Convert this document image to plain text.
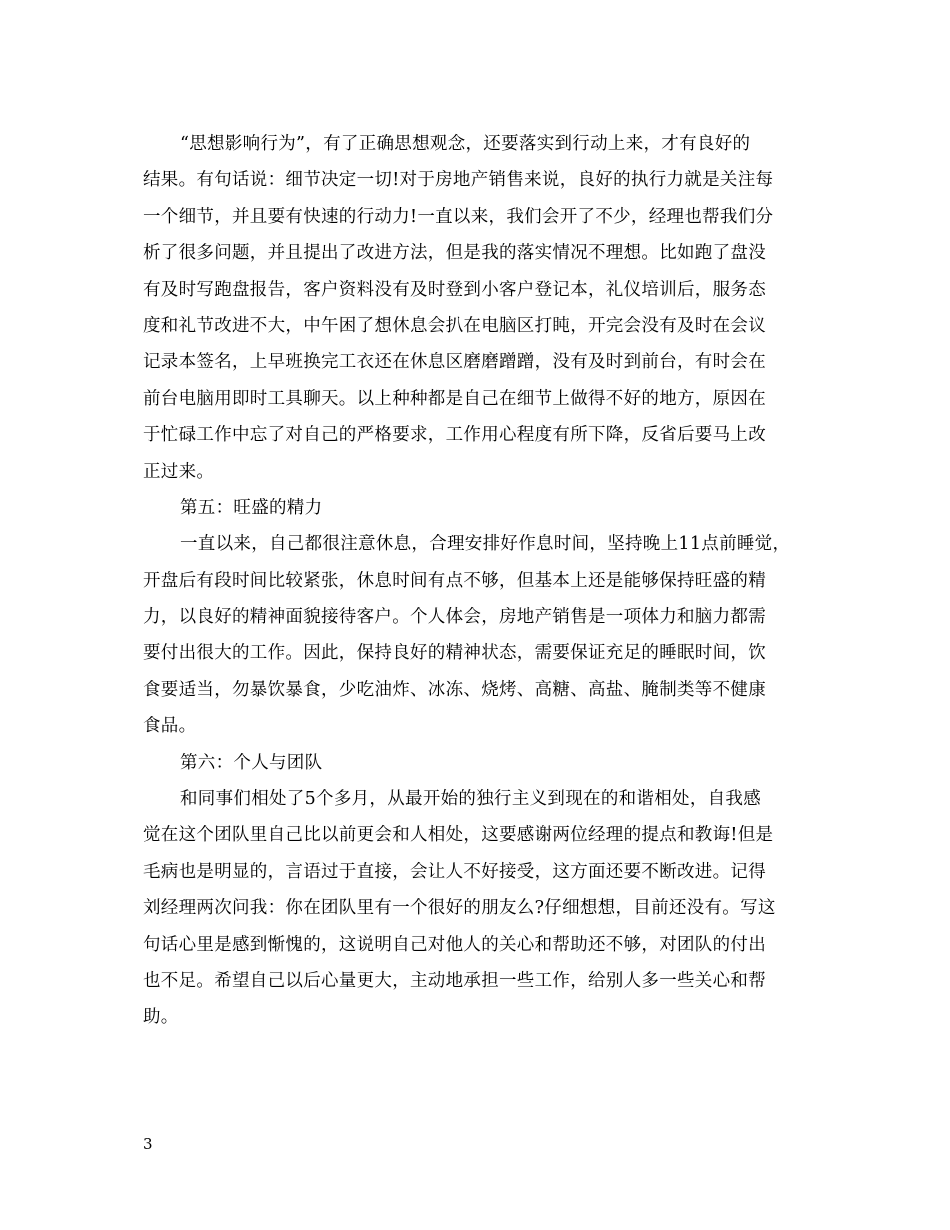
“思想影响行为”，有了正确思想观念，还要落实到行动上来，才有良好的
结果。有句话说：细节决定一切!对于房地产销售来说，良好的执行力就是关注每
一个细节，并且要有快速的行动力!一直以来，我们会开了不少，经理也帮我们分
析了很多问题，并且提出了改进方法，但是我的落实情况不理想。比如跑了盘没
有及时写跑盘报告，客户资料没有及时登到小客户登记本，礼仪培训后，服务态
度和礼节改进不大，中午困了想休息会扒在电脑区打盹，开完会没有及时在会议
记录本签名，上早班换完工衣还在休息区磨磨蹭蹭，没有及时到前台，有时会在
前台电脑用即时工具聊天。以上种种都是自己在细节上做得不好的地方，原因在
于忙碌工作中忘了对自己的严格要求，工作用心程度有所下降，反省后要马上改
正过来。
第五：旺盛的精力
一直以来，自己都很注意休息，合理安排好作息时间，坚持晚上11点前睡觉，
开盘后有段时间比较紧张，休息时间有点不够，但基本上还是能够保持旺盛的精
力，以良好的精神面貌接待客户。个人体会，房地产销售是一项体力和脑力都需
要付出很大的工作。因此，保持良好的精神状态，需要保证充足的睡眠时间，饮
食要适当，勿暴饮暴食，少吃油炸、冰冻、烧烤、高糖、高盐、腌制类等不健康
食品。
第六：个人与团队
和同事们相处了5个多月，从最开始的独行主义到现在的和谐相处，自我感
觉在这个团队里自己比以前更会和人相处，这要感谢两位经理的提点和教诲!但是
毛病也是明显的，言语过于直接，会让人不好接受，这方面还要不断改进。记得
刘经理两次问我：你在团队里有一个很好的朋友么?仔细想想，目前还没有。写这
句话心里是感到惭愧的，这说明自己对他人的关心和帮助还不够，对团队的付出
也不足。希望自己以后心量更大，主动地承担一些工作，给别人多一些关心和帮
助。
3
